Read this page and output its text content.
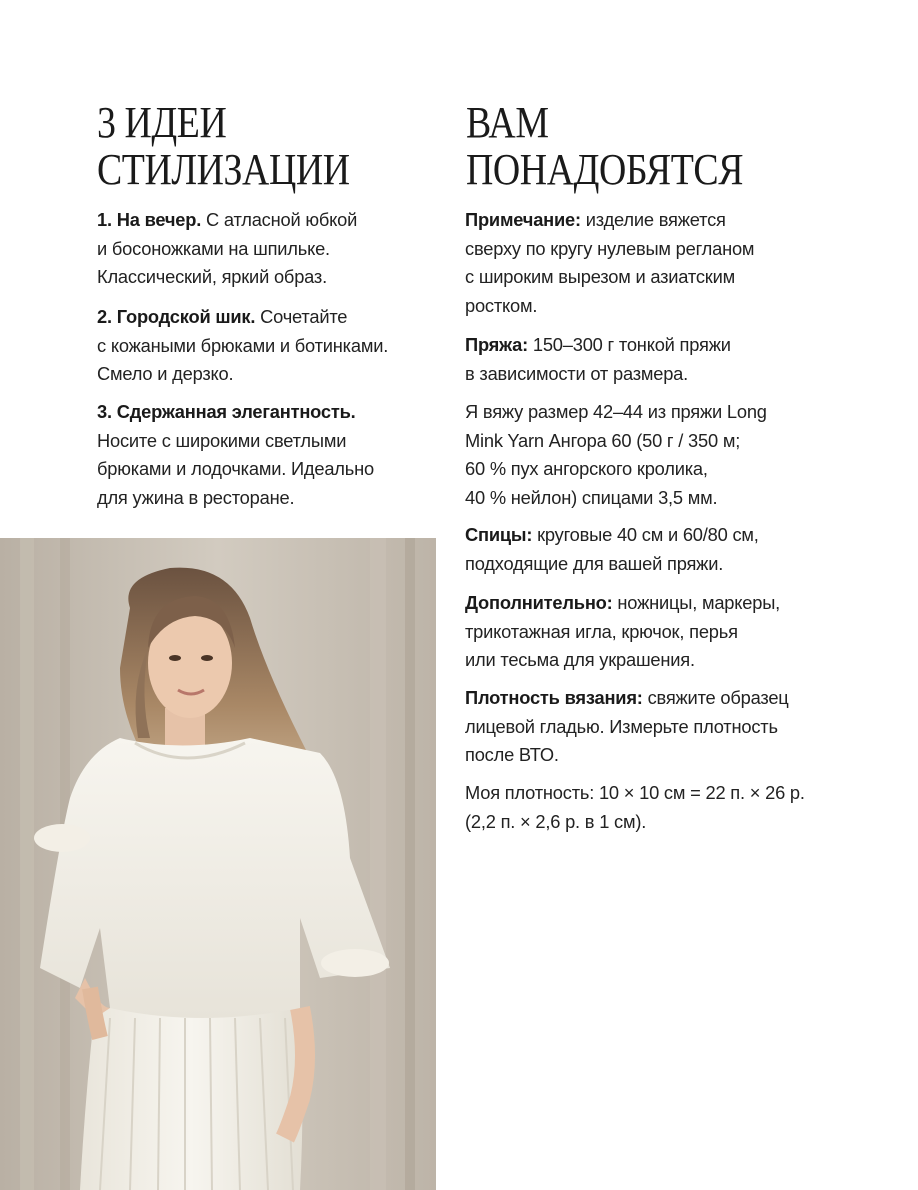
3 ИДЕИ
СТИЛИЗАЦИИ

1. На вечер. С атласной юбкой

и босоножками на шпильке.

Классический, яркий образ.

2. Городской шик. Сочетайте

с кожаными брюками и ботинками.

Смело и дерзко.

3. Сдержанная элегантность.

Носите с широкими светлыми

брюками и лодочками. Идеально

для ужина в ресторане.

ВАМ
ПОНАДОБЯТСЯ

Примечание: изделие вяжется

сверху по кругу нулевым регланом

с широким вырезом и азиатским

ростком.

Пряжа: 150–300 г тонкой пряжи

в зависимости от размера.

Я вяжу размер 42–44 из пряжи Long

Mink Yarn Ангора 60 (50 г / 350 м;

60 % пух ангорского кролика,

40 % нейлон) спицами 3,5 мм.

Спицы: круговые 40 см и 60/80 см,

подходящие для вашей пряжи.

Дополнительно: ножницы, маркеры,

трикотажная игла, крючок, перья

или тесьма для украшения.

Плотность вязания: свяжите образец

лицевой гладью. Измерьте плотность

после ВТО.

Моя плотность: 10 × 10 см = 22 п. × 26 р.

(2,2 п. × 2,6 р. в 1 см).
